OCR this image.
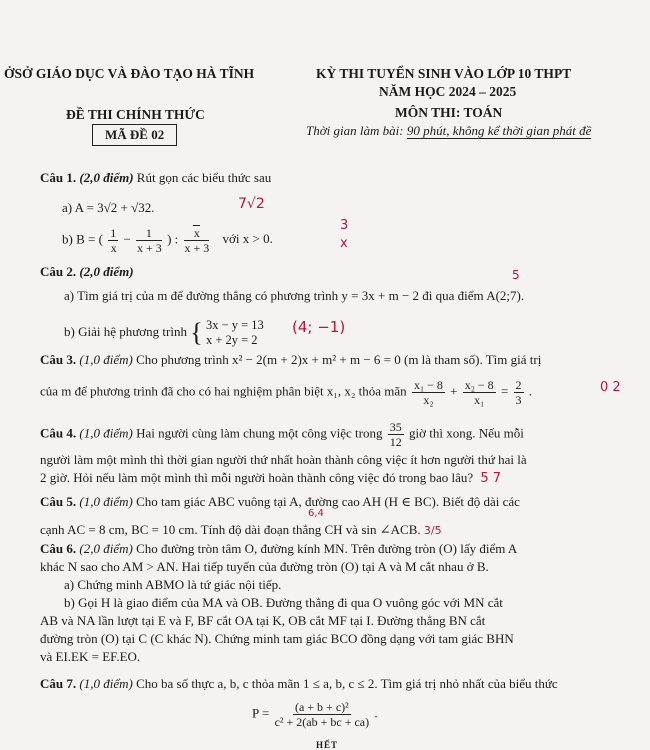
ỞSỞ GIÁO DỤC VÀ ĐÀO TẠO HÀ TĨNH	KỲ THI TUYỂN SINH VÀO LỚP 10 THPT
NĂM HỌC 2024 – 2025
ĐỀ THI CHÍNH THỨC	MÔN THI: TOÁN
MÃ ĐỀ 02	Thời gian làm bài: 90 phút, không kể thời gian phát đề
Câu 1. (2,0 điểm) Rút gọn các biểu thức sau
a) A = 3√2 + √32.	7√2
b) B = ( $\frac{1}{x} - \frac{1}{x + 3}$ ) : $\frac{x}{x + 3}$ với x > 0.
3
x
Câu 2. (2,0 điểm)	5
a) Tìm giá trị của m để đường thẳng có phương trình y = 3x + m − 2 đi qua điểm A(2;7).
b) Giải hệ phương trình { 3x − y = 13
x + 2y = 2
(4; −1)
Câu 3. (1,0 điểm) Cho phương trình x² − 2(m + 2)x + m² + m − 6 = 0 (m là tham số). Tìm giá trị
của m để phương trình đã cho có hai nghiệm phân biệt x₁, x₂ thỏa mãn $\frac{\text{x₁ − 8}}{\text{x₂}} + \frac{\text{x₂ − 8}}{\text{x₁}} = \frac{2}{3}$ .	0 2
Câu 4. (1,0 điểm) Hai người cùng làm chung một công việc trong $\frac{35}{12}$ giờ thì xong. Nếu mỗi
người làm một mình thì thời gian người thứ nhất hoàn thành công việc ít hơn người thứ hai là
2 giờ. Hỏi nếu làm một mình thì mỗi người hoàn thành công việc đó trong bao lâu? 5 7
Câu 5. (1,0 điểm) Cho tam giác ABC vuông tại A, đường cao AH (H ∈ BC). Biết độ dài các
6,4
cạnh AC = 8 cm, BC = 10 cm. Tính độ dài đoạn thẳng CH và sin ∠ACB. 3/5
Câu 6. (2,0 điểm) Cho đường tròn tâm O, đường kính MN. Trên đường tròn (O) lấy điểm A
khác N sao cho AM > AN. Hai tiếp tuyến của đường tròn (O) tại A và M cắt nhau ở B.
a) Chứng minh ABMO là tứ giác nội tiếp.
b) Gọi H là giao điểm của MA và OB. Đường thẳng đi qua O vuông góc với MN cắt
AB và NA lần lượt tại E và F, BF cắt OA tại K, OB cắt MF tại I. Đường thẳng BN cắt
đường tròn (O) tại C (C khác N). Chứng minh tam giác BCO đồng dạng với tam giác BHN
và EI.EK = EF.EO.
Câu 7. (1,0 điểm) Cho ba số thực a, b, c thỏa mãn 1 ≤ a, b, c ≤ 2. Tìm giá trị nhỏ nhất của biểu thức
$P = \frac{\text{(a + b + c)²}}{\text{c² + 2(ab + bc + ca)}}$ .
HẾT
